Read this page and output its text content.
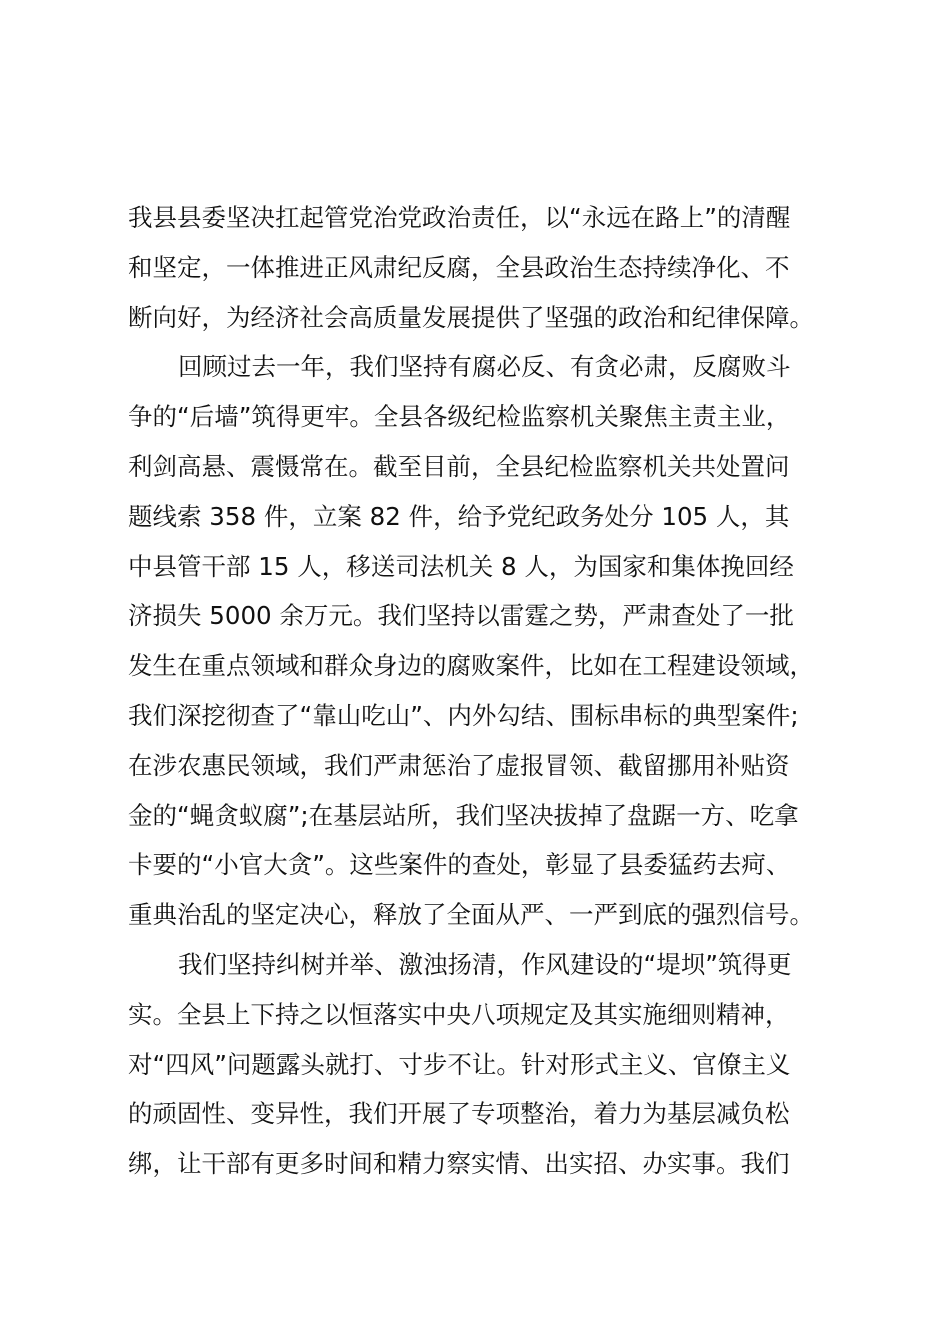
我县县委坚决扛起管党治党政治责任，以“永远在路上”的清醒

和坚定，一体推进正风肃纪反腐，全县政治生态持续净化、不

断向好，为经济社会高质量发展提供了坚强的政治和纪律保障。

回顾过去一年，我们坚持有腐必反、有贪必肃，反腐败斗

争的“后墙”筑得更牢。全县各级纪检监察机关聚焦主责主业，

利剑高悬、震慑常在。截至目前，全县纪检监察机关共处置问

题线索 358 件，立案 82 件，给予党纪政务处分 105 人，其

中县管干部 15 人，移送司法机关 8 人，为国家和集体挽回经

济损失 5000 余万元。我们坚持以雷霆之势，严肃查处了一批

发生在重点领域和群众身边的腐败案件，比如在工程建设领域，

我们深挖彻查了“靠山吃山”、内外勾结、围标串标的典型案件;

在涉农惠民领域，我们严肃惩治了虚报冒领、截留挪用补贴资

金的“蝇贪蚁腐”;在基层站所，我们坚决拔掉了盘踞一方、吃拿

卡要的“小官大贪”。这些案件的查处，彰显了县委猛药去疴、

重典治乱的坚定决心，释放了全面从严、一严到底的强烈信号。

我们坚持纠树并举、激浊扬清，作风建设的“堤坝”筑得更

实。全县上下持之以恒落实中央八项规定及其实施细则精神，

对“四风”问题露头就打、寸步不让。针对形式主义、官僚主义

的顽固性、变异性，我们开展了专项整治，着力为基层减负松

绑，让干部有更多时间和精力察实情、出实招、办实事。我们
